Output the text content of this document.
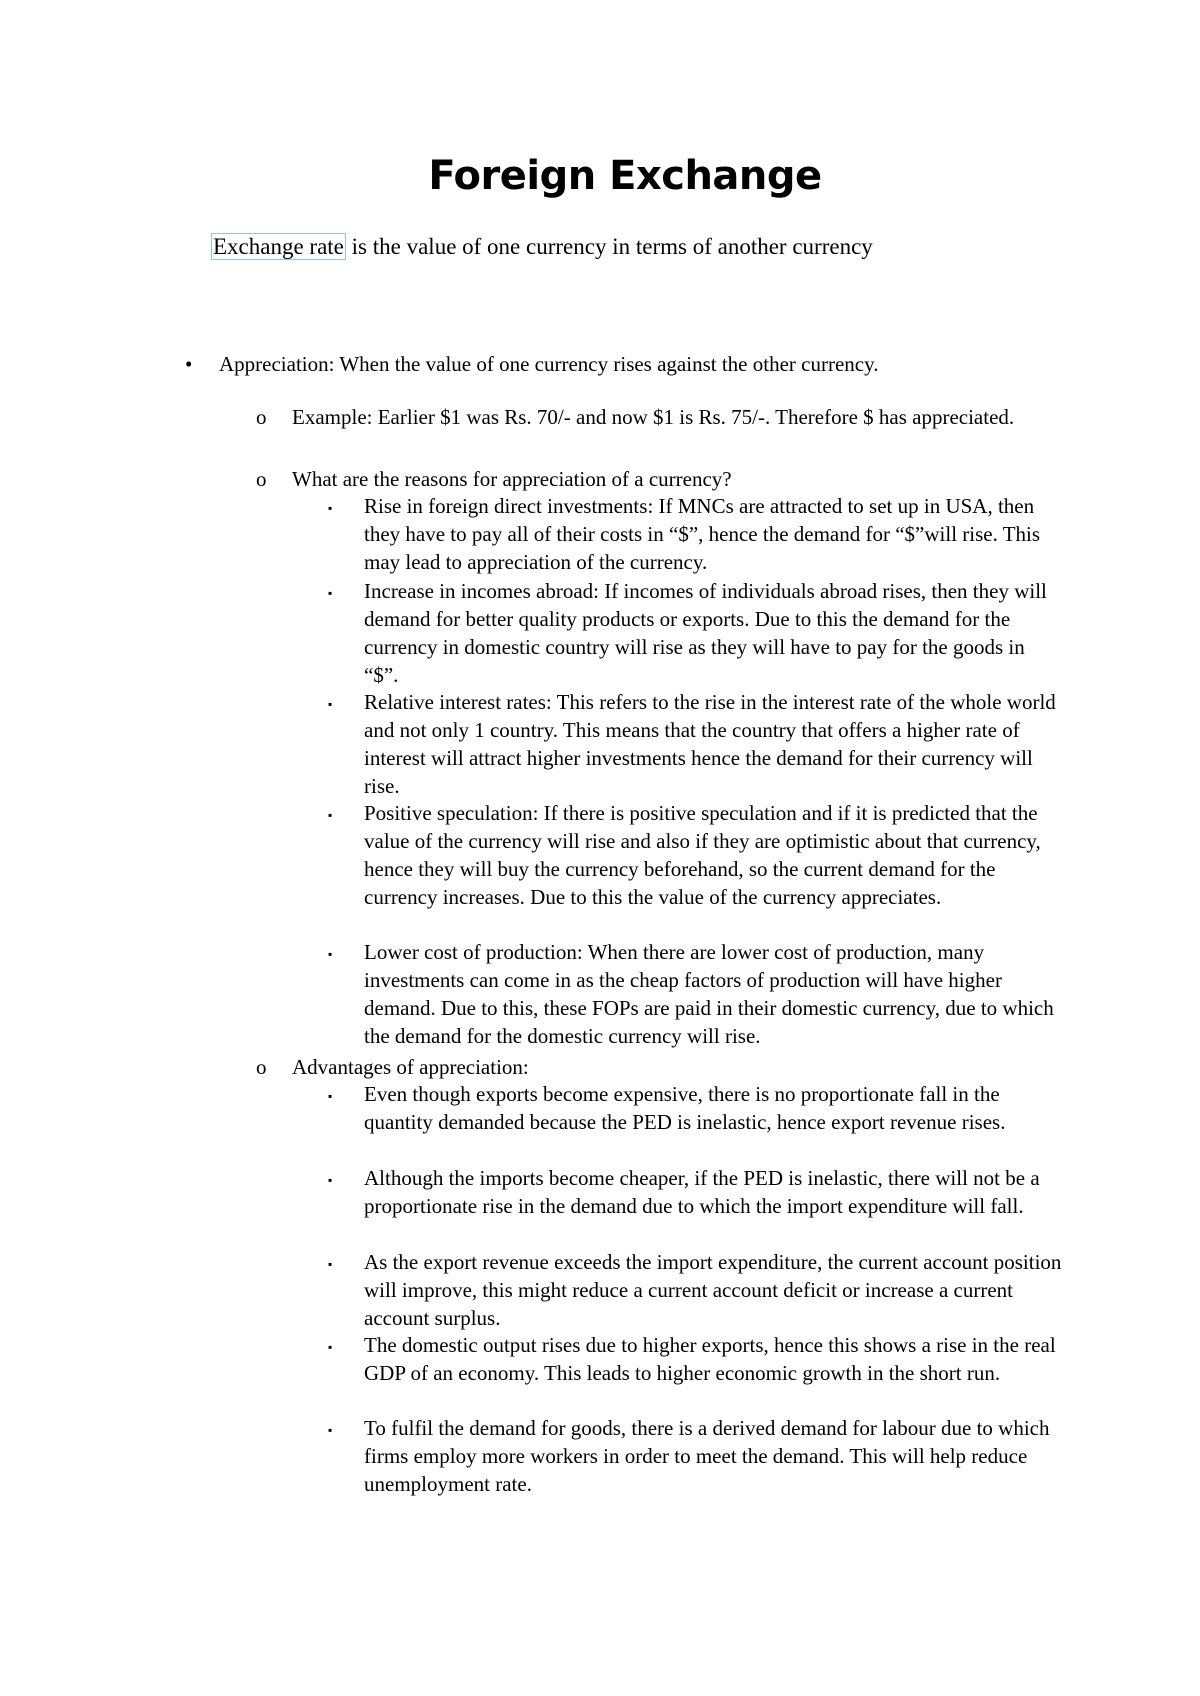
Foreign Exchange
Exchange rate is the value of one currency in terms of another currency
•	Appreciation: When the value of one currency rises against the other currency.
o Example: Earlier $1 was Rs. 70/- and now $1 is Rs. 75/-. Therefore $ has appreciated.
o What are the reasons for appreciation of a currency?
▪ Rise in foreign direct investments: If MNCs are attracted to set up in USA, then they have to pay all of their costs in “$”, hence the demand for “$”will rise. This may lead to appreciation of the currency.
▪ Increase in incomes abroad: If incomes of individuals abroad rises, then they will demand for better quality products or exports. Due to this the demand for the currency in domestic country will rise as they will have to pay for the goods in “$”.
▪ Relative interest rates: This refers to the rise in the interest rate of the whole world and not only 1 country. This means that the country that offers a higher rate of interest will attract higher investments hence the demand for their currency will rise.
▪ Positive speculation: If there is positive speculation and if it is predicted that the value of the currency will rise and also if they are optimistic about that currency, hence they will buy the currency beforehand, so the current demand for the currency increases. Due to this the value of the currency appreciates.
▪ Lower cost of production: When there are lower cost of production, many investments can come in as the cheap factors of production will have higher demand. Due to this, these FOPs are paid in their domestic currency, due to which the demand for the domestic currency will rise.
o Advantages of appreciation:
▪ Even though exports become expensive, there is no proportionate fall in the quantity demanded because the PED is inelastic, hence export revenue rises.
▪ Although the imports become cheaper, if the PED is inelastic, there will not be a proportionate rise in the demand due to which the import expenditure will fall.
▪ As the export revenue exceeds the import expenditure, the current account position will improve, this might reduce a current account deficit or increase a current account surplus.
▪ The domestic output rises due to higher exports, hence this shows a rise in the real GDP of an economy. This leads to higher economic growth in the short run.
▪ To fulfil the demand for goods, there is a derived demand for labour due to which firms employ more workers in order to meet the demand. This will help reduce unemployment rate.
